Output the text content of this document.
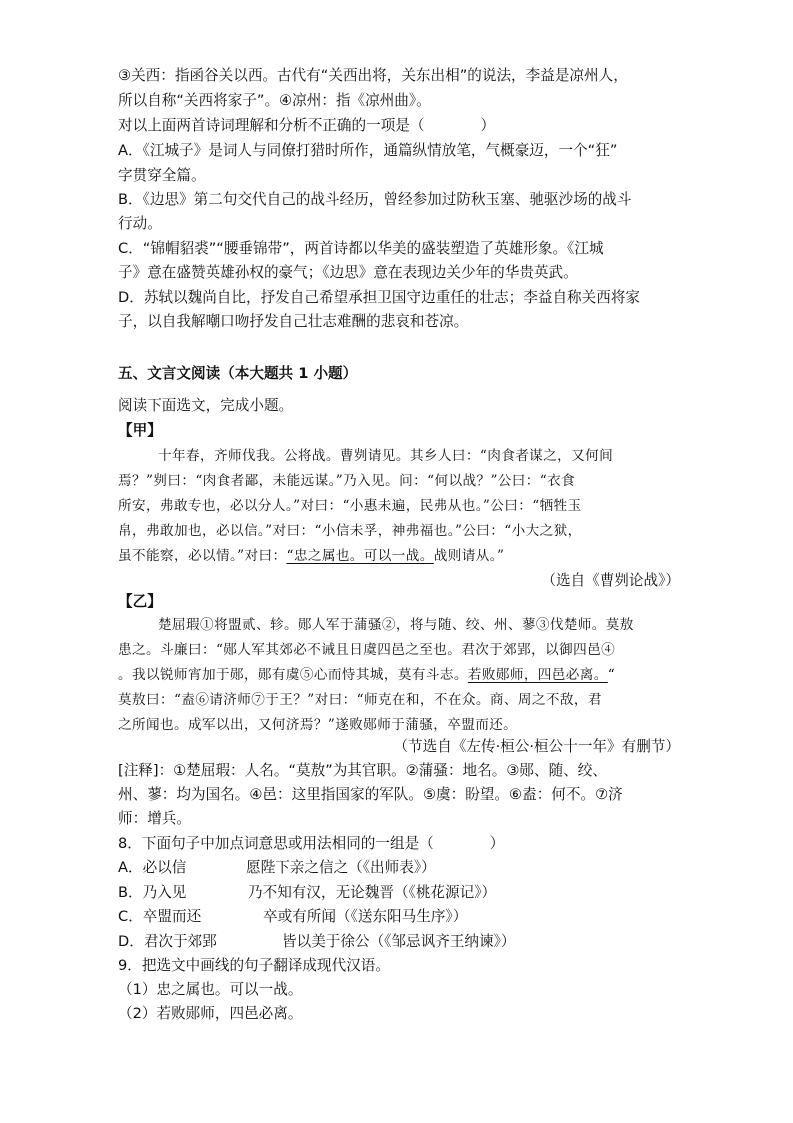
③关西：指函谷关以西。古代有“关西出将，关东出相”的说法，李益是凉州人，
所以自称“关西将家子”。④凉州：指《凉州曲》。
对以上面两首诗词理解和分析不正确的一项是（	）
A．《江城子》是词人与同僚打猎时所作，通篇纵情放笔，气概豪迈，一个“狂”
字贯穿全篇。
B．《边思》第二句交代自己的战斗经历，曾经参加过防秋玉塞、驰驱沙场的战斗
行动。
C．“锦帽貂裘”“腰垂锦带”，两首诗都以华美的盛装塑造了英雄形象。《江城
子》意在盛赞英雄孙权的豪气；《边思》意在表现边关少年的华贵英武。
D．苏轼以魏尚自比，抒发自己希望承担卫国守边重任的壮志；李益自称关西将家
子，以自我解嘲口吻抒发自己壮志难酬的悲哀和苍凉。
五、文言文阅读（本大题共 1 小题）
阅读下面选文，完成小题。
【甲】
十年春，齐师伐我。公将战。曹刿请见。其乡人曰：“肉食者谋之，又何间
焉？”刿曰：“肉食者鄙，未能远谋。”乃入见。问：“何以战？”公曰：“衣食
所安，弗敢专也，必以分人。”对曰：“小惠未遍，民弗从也。”公曰：“牺牲玉
帛，弗敢加也，必以信。”对曰：“小信未孚，神弗福也。”公曰：“小大之狱，
虽不能察，必以情。”对曰：“忠之属也。可以一战。战则请从。”
（选自《曹刿论战》）
【乙】
楚屈瑕①将盟贰、轸。郧人军于蒲骚②，将与随、绞、州、蓼③伐楚师。莫敖
患之。斗廉曰：“郧人军其郊必不诫且日虞四邑之至也。君次于郊郢，以御四邑④
。我以锐师宵加于郧，郧有虞⑤心而恃其城，莫有斗志。若败郧师，四邑必离。“
莫敖曰：“盍⑥请济师⑦于王？”对曰：“师克在和，不在众。商、周之不敌，君
之所闻也。成军以出，又何济焉？”遂败郧师于蒲骚，卒盟而还。
（节选自《左传·桓公·桓公十一年》有删节）
[注释]：①楚屈瑕：人名。“莫敖”为其官职。②蒲骚：地名。③郧、随、绞、
州、蓼：均为国名。④邑：这里指国家的军队。⑤虞：盼望。⑥盍：何不。⑦济
师：增兵。
8．下面句子中加点词意思或用法相同的一组是（	）
A．必以信	愿陛下亲之信之（《出师表》）
B．乃入见	乃不知有汉，无论魏晋（《桃花源记》）
C．卒盟而还	卒或有所闻（《送东阳马生序》）
D．君次于郊郢	皆以美于徐公（《邹忌讽齐王纳谏》）
9．把选文中画线的句子翻译成现代汉语。
（1）忠之属也。可以一战。
（2）若败郧师，四邑必离。
